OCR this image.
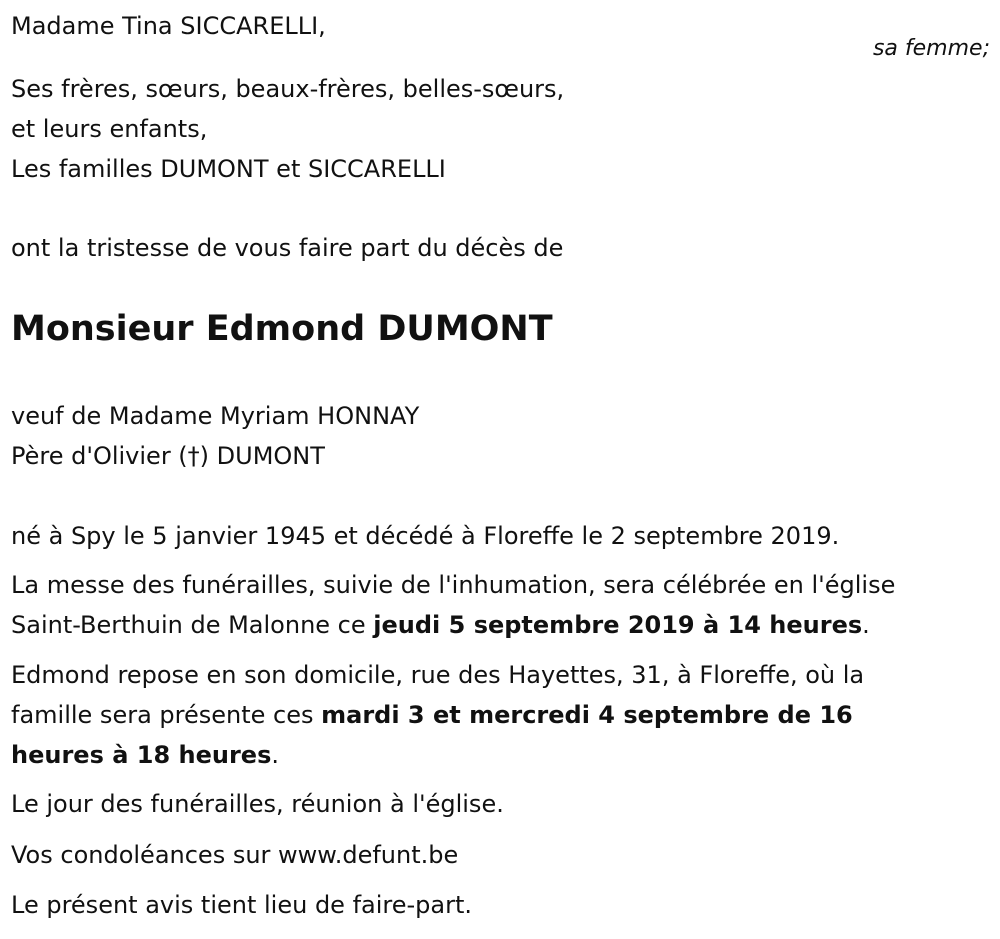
Madame Tina SICCARELLI,
sa femme;
Ses frères, sœurs, beaux-frères, belles-sœurs,
et leurs enfants,
Les familles DUMONT et SICCARELLI
ont la tristesse de vous faire part du décès de
Monsieur Edmond DUMONT
veuf de Madame Myriam HONNAY
Père d'Olivier (†) DUMONT
né à Spy le 5 janvier 1945 et décédé à Floreffe le 2 septembre 2019.
La messe des funérailles, suivie de l'inhumation, sera célébrée en l'église
Saint-Berthuin de Malonne ce jeudi 5 septembre 2019 à 14 heures.
Edmond repose en son domicile, rue des Hayettes, 31, à Floreffe, où la
famille sera présente ces mardi 3 et mercredi 4 septembre de 16
heures à 18 heures.
Le jour des funérailles, réunion à l'église.
Vos condoléances sur www.defunt.be
Le présent avis tient lieu de faire-part.
